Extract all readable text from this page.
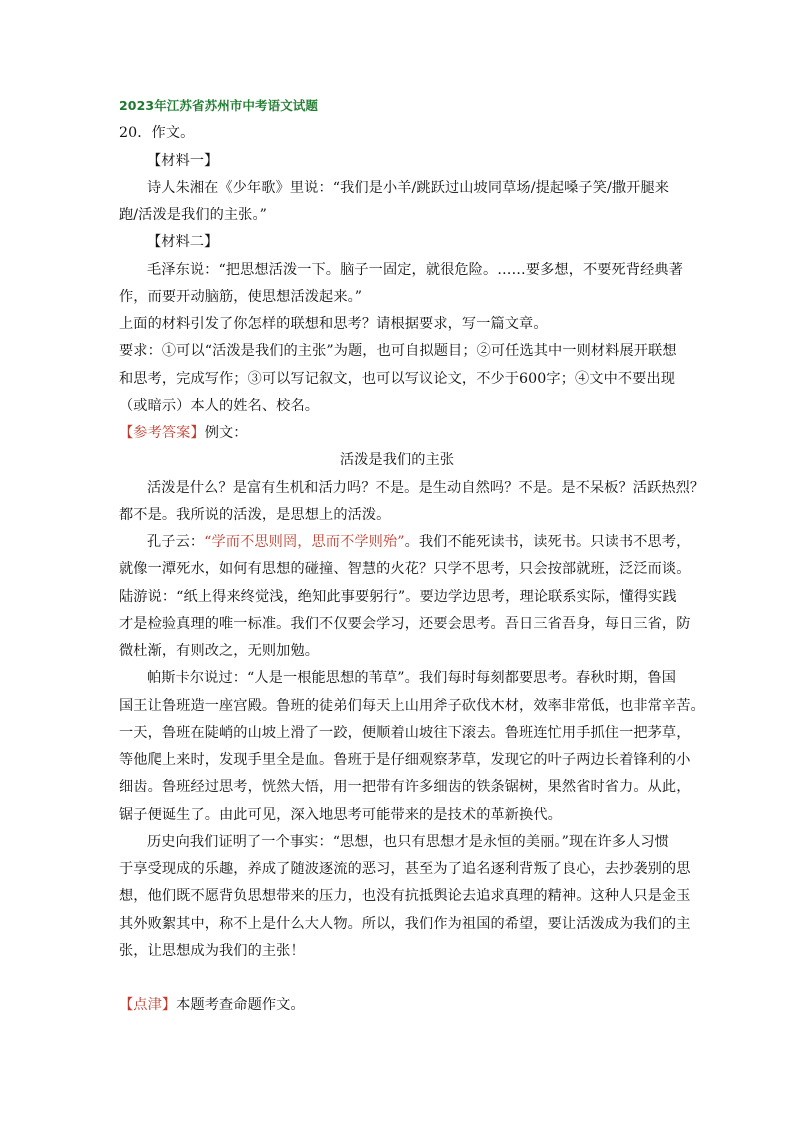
2023年江苏省苏州市中考语文试题
20．作文。
【材料一】
诗人朱湘在《少年歌》里说：“我们是小羊/跳跃过山坡同草场/提起嗓子笑/撒开腿来
跑/活泼是我们的主张。”
【材料二】
毛泽东说：“把思想活泼一下。脑子一固定，就很危险。……要多想，不要死背经典著
作，而要开动脑筋，使思想活泼起来。”
上面的材料引发了你怎样的联想和思考？请根据要求，写一篇文章。
要求：①可以“活泼是我们的主张”为题，也可自拟题目；②可任选其中一则材料展开联想
和思考，完成写作；③可以写记叙文，也可以写议论文，不少于600字；④文中不要出现
（或暗示）本人的姓名、校名。
【参考答案】例文：
活泼是我们的主张
活泼是什么？是富有生机和活力吗？不是。是生动自然吗？不是。是不呆板？活跃热烈？
都不是。我所说的活泼，是思想上的活泼。
孔子云：“学而不思则罔，思而不学则殆”。我们不能死读书，读死书。只读书不思考，
就像一潭死水，如何有思想的碰撞、智慧的火花？只学不思考，只会按部就班，泛泛而谈。
陆游说：“纸上得来终觉浅，绝知此事要躬行”。要边学边思考，理论联系实际，懂得实践
才是检验真理的唯一标准。我们不仅要会学习，还要会思考。吾日三省吾身，每日三省，防
微杜渐，有则改之，无则加勉。
帕斯卡尔说过：“人是一根能思想的苇草”。我们每时每刻都要思考。春秋时期，鲁国
国王让鲁班造一座宫殿。鲁班的徒弟们每天上山用斧子砍伐木材，效率非常低，也非常辛苦。
一天，鲁班在陡峭的山坡上滑了一跤，便顺着山坡往下滚去。鲁班连忙用手抓住一把茅草，
等他爬上来时，发现手里全是血。鲁班于是仔细观察茅草，发现它的叶子两边长着锋利的小
细齿。鲁班经过思考，恍然大悟，用一把带有许多细齿的铁条锯树，果然省时省力。从此，
锯子便诞生了。由此可见，深入地思考可能带来的是技术的革新换代。
历史向我们证明了一个事实：“思想，也只有思想才是永恒的美丽。”现在许多人习惯
于享受现成的乐趣，养成了随波逐流的恶习，甚至为了追名逐利背叛了良心，去抄袭别的思
想，他们既不愿背负思想带来的压力，也没有抗抵舆论去追求真理的精神。这种人只是金玉
其外败絮其中，称不上是什么大人物。所以，我们作为祖国的希望，要让活泼成为我们的主
张，让思想成为我们的主张！
【点津】本题考查命题作文。
